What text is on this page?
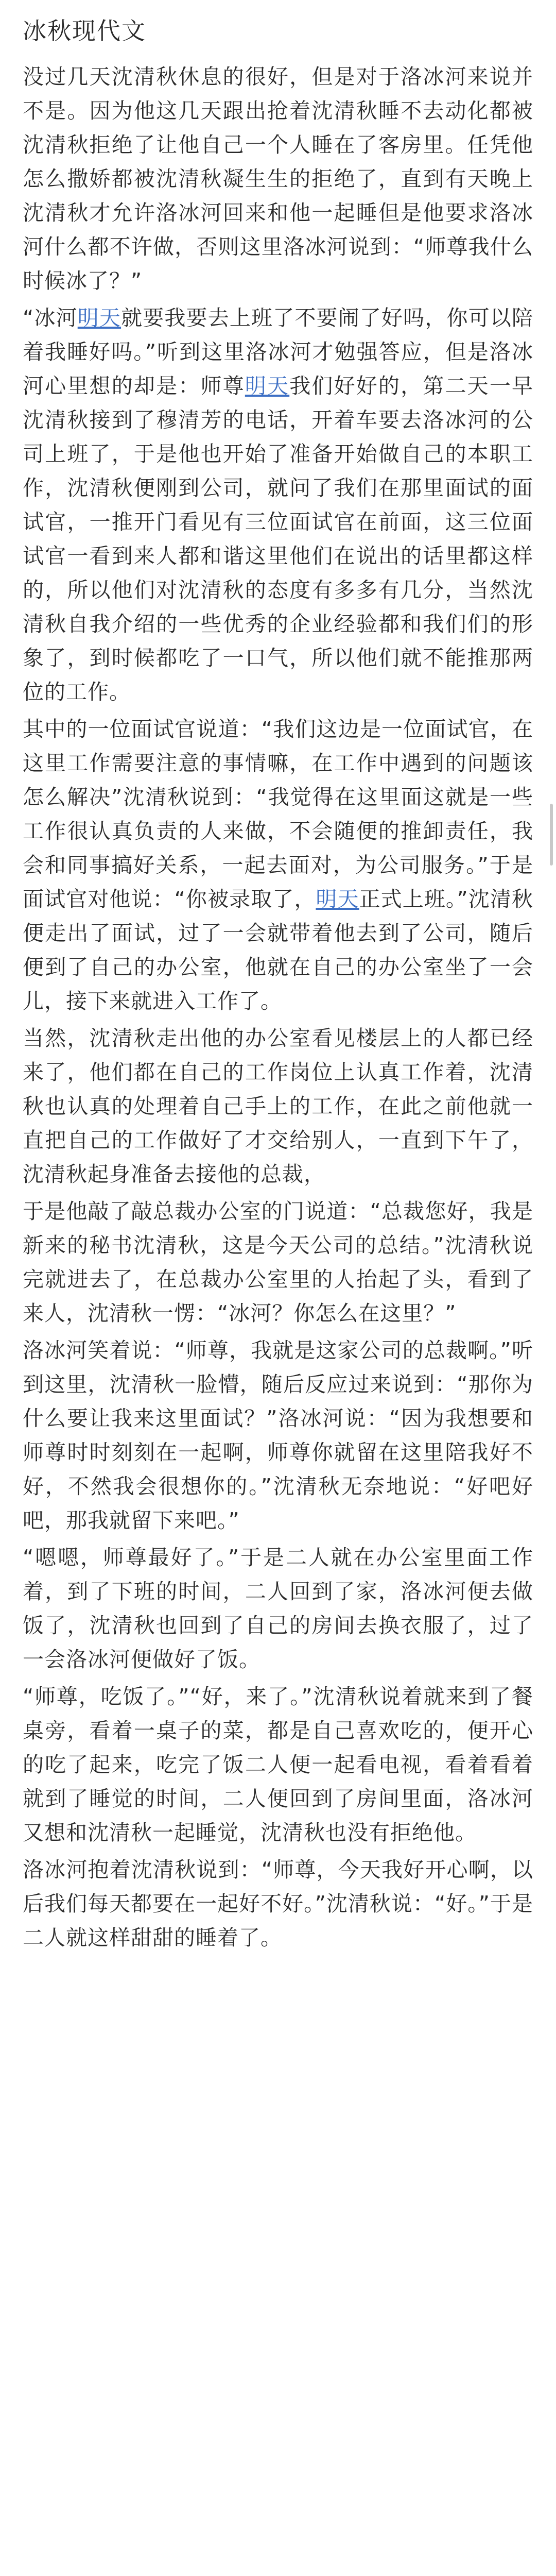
冰秋现代文

没过几天沈清秋休息的很好，但是对于洛冰河来说并不是。因为他这几天跟出抢着沈清秋睡不去动化都被沈清秋拒绝了让他自己一个人睡在了客房里。任凭他怎么撒娇都被沈清秋凝生生的拒绝了，直到有天晚上沈清秋才允许洛冰河回来和他一起睡但是他要求洛冰河什么都不许做，否则这里洛冰河说到：“师尊我什么时候冰了？”

“冰河明天就要我要去上班了不要闹了好吗，你可以陪着我睡好吗。”听到这里洛冰河才勉强答应，但是洛冰河心里想的却是：师尊明天我们好好的，第二天一早沈清秋接到了穆清芳的电话，开着车要去洛冰河的公司上班了，于是他也开始了准备开始做自己的本职工作，沈清秋便刚到公司，就问了我们在那里面试的面试官，一推开门看见有三位面试官在前面，这三位面试官一看到来人都和谐这里他们在说出的话里都这样的，所以他们对沈清秋的态度有多多有几分，当然沈清秋自我介绍的一些优秀的企业经验都和我们们的形象了，到时候都吃了一口气，所以他们就不能推那两位的工作。

其中的一位面试官说道：“我们这边是一位面试官，在这里工作需要注意的事情嘛，在工作中遇到的问题该怎么解决”沈清秋说到：“我觉得在这里面这就是一些工作很认真负责的人来做，不会随便的推卸责任，我会和同事搞好关系，一起去面对，为公司服务。”于是面试官对他说：“你被录取了，明天正式上班。”沈清秋便走出了面试，过了一会就带着他去到了公司，随后便到了自己的办公室，他就在自己的办公室坐了一会儿，接下来就进入工作了。

当然，沈清秋走出他的办公室看见楼层上的人都已经来了，他们都在自己的工作岗位上认真工作着，沈清秋也认真的处理着自己手上的工作，在此之前他就一直把自己的工作做好了才交给别人，一直到下午了，沈清秋起身准备去接他的总裁，

于是他敲了敲总裁办公室的门说道：“总裁您好，我是新来的秘书沈清秋，这是今天公司的总结。”沈清秋说完就进去了，在总裁办公室里的人抬起了头，看到了来人，沈清秋一愣：“冰河？你怎么在这里？”

洛冰河笑着说：“师尊，我就是这家公司的总裁啊。”听到这里，沈清秋一脸懵，随后反应过来说到：“那你为什么要让我来这里面试？”洛冰河说：“因为我想要和师尊时时刻刻在一起啊，师尊你就留在这里陪我好不好，不然我会很想你的。”沈清秋无奈地说：“好吧好吧，那我就留下来吧。”

“嗯嗯，师尊最好了。”于是二人就在办公室里面工作着，到了下班的时间，二人回到了家，洛冰河便去做饭了，沈清秋也回到了自己的房间去换衣服了，过了一会洛冰河便做好了饭。

“师尊，吃饭了。”“好，来了。”沈清秋说着就来到了餐桌旁，看着一桌子的菜，都是自己喜欢吃的，便开心的吃了起来，吃完了饭二人便一起看电视，看着看着就到了睡觉的时间，二人便回到了房间里面，洛冰河又想和沈清秋一起睡觉，沈清秋也没有拒绝他。

洛冰河抱着沈清秋说到：“师尊，今天我好开心啊，以后我们每天都要在一起好不好。”沈清秋说：“好。”于是二人就这样甜甜的睡着了。
